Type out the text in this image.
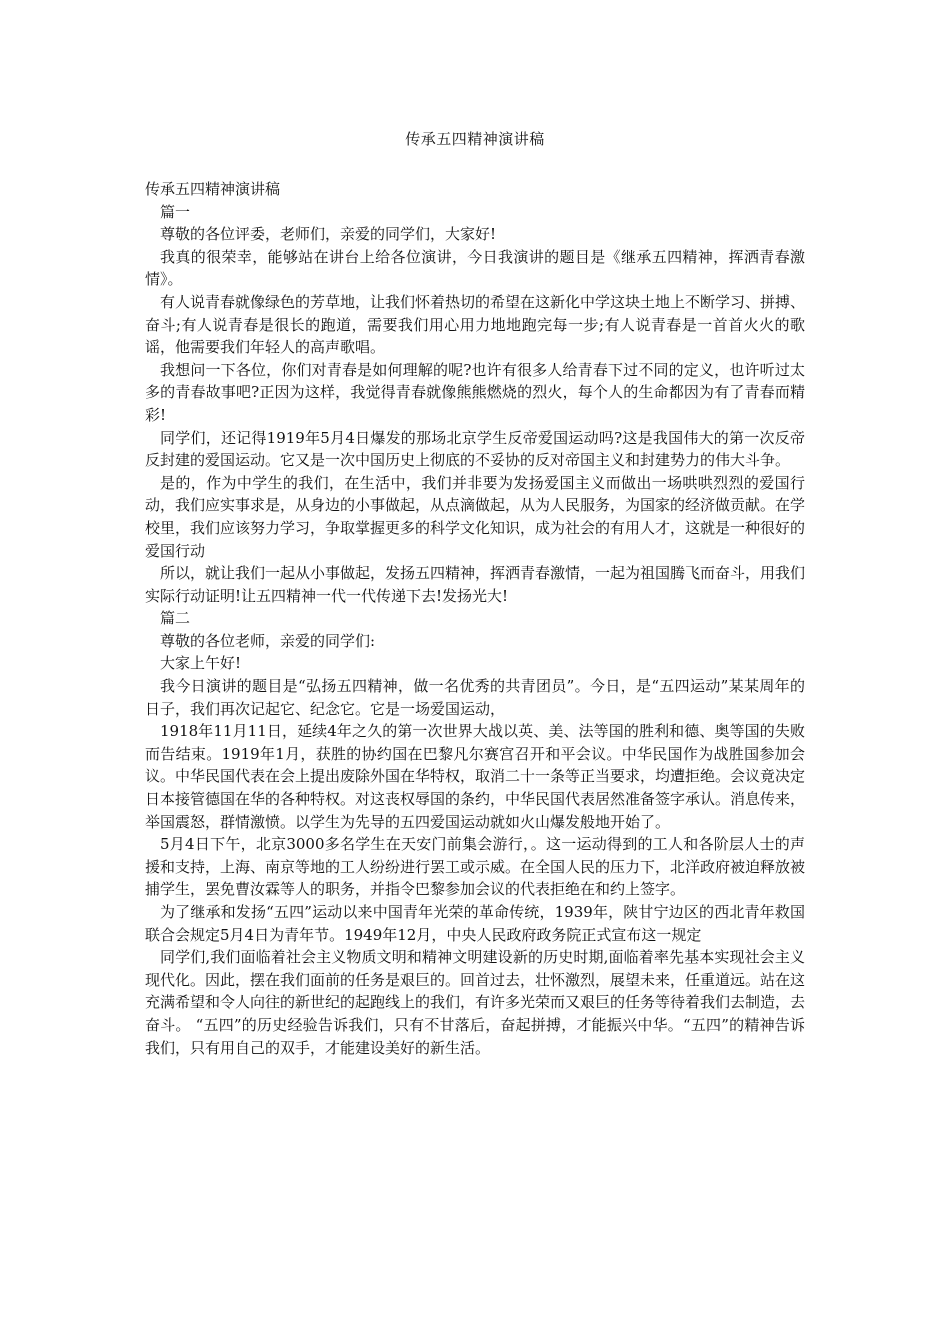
传承五四精神演讲稿

传承五四精神演讲稿

篇一

尊敬的各位评委，老师们，亲爱的同学们，大家好!

我真的很荣幸，能够站在讲台上给各位演讲，今日我演讲的题目是《继承五四精神，挥洒青春激情》。

有人说青春就像绿色的芳草地，让我们怀着热切的希望在这新化中学这块土地上不断学习、拼搏、奋斗;有人说青春是很长的跑道，需要我们用心用力地地跑完每一步;有人说青春是一首首火火的歌谣，他需要我们年轻人的高声歌唱。

我想问一下各位，你们对青春是如何理解的呢?也许有很多人给青春下过不同的定义，也许听过太多的青春故事吧?正因为这样，我觉得青春就像熊熊燃烧的烈火，每个人的生命都因为有了青春而精彩!

同学们，还记得1919年5月4日爆发的那场北京学生反帝爱国运动吗?这是我国伟大的第一次反帝反封建的爱国运动。它又是一次中国历史上彻底的不妥协的反对帝国主义和封建势力的伟大斗争。

是的，作为中学生的我们，在生活中，我们并非要为发扬爱国主义而做出一场哄哄烈烈的爱国行动，我们应实事求是，从身边的小事做起，从点滴做起，从为人民服务，为国家的经济做贡献。在学校里，我们应该努力学习，争取掌握更多的科学文化知识，成为社会的有用人才，这就是一种很好的爱国行动

所以，就让我们一起从小事做起，发扬五四精神，挥洒青春激情，一起为祖国腾飞而奋斗，用我们实际行动证明!让五四精神一代一代传递下去!发扬光大!

篇二

尊敬的各位老师，亲爱的同学们:

大家上午好!

我今日演讲的题目是“弘扬五四精神，做一名优秀的共青团员”。今日，是“五四运动”某某周年的日子，我们再次记起它、纪念它。它是一场爱国运动，

1918年11月11日，延续4年之久的第一次世界大战以英、美、法等国的胜利和德、奥等国的失败而告结束。1919年1月，获胜的协约国在巴黎凡尔赛宫召开和平会议。中华民国作为战胜国参加会议。中华民国代表在会上提出废除外国在华特权，取消二十一条等正当要求，均遭拒绝。会议竟决定日本接管德国在华的各种特权。对这丧权辱国的条约，中华民国代表居然准备签字承认。消息传来，举国震怒，群情激愤。以学生为先导的五四爱国运动就如火山爆发般地开始了。

5月4日下午，北京3000多名学生在天安门前集会游行，。这一运动得到的工人和各阶层人士的声援和支持，上海、南京等地的工人纷纷进行罢工或示威。在全国人民的压力下，北洋政府被迫释放被捕学生，罢免曹汝霖等人的职务，并指令巴黎参加会议的代表拒绝在和约上签字。

为了继承和发扬“五四”运动以来中国青年光荣的革命传统，1939年，陕甘宁边区的西北青年救国联合会规定5月4日为青年节。1949年12月，中央人民政府政务院正式宣布这一规定

同学们,我们面临着社会主义物质文明和精神文明建设新的历史时期,面临着率先基本实现社会主义现代化。因此，摆在我们面前的任务是艰巨的。回首过去，壮怀激烈，展望未来，任重道远。站在这充满希望和令人向往的新世纪的起跑线上的我们，有许多光荣而又艰巨的任务等待着我们去制造，去奋斗。 “五四”的历史经验告诉我们，只有不甘落后，奋起拼搏，才能振兴中华。“五四”的精神告诉我们，只有用自己的双手，才能建设美好的新生活。
